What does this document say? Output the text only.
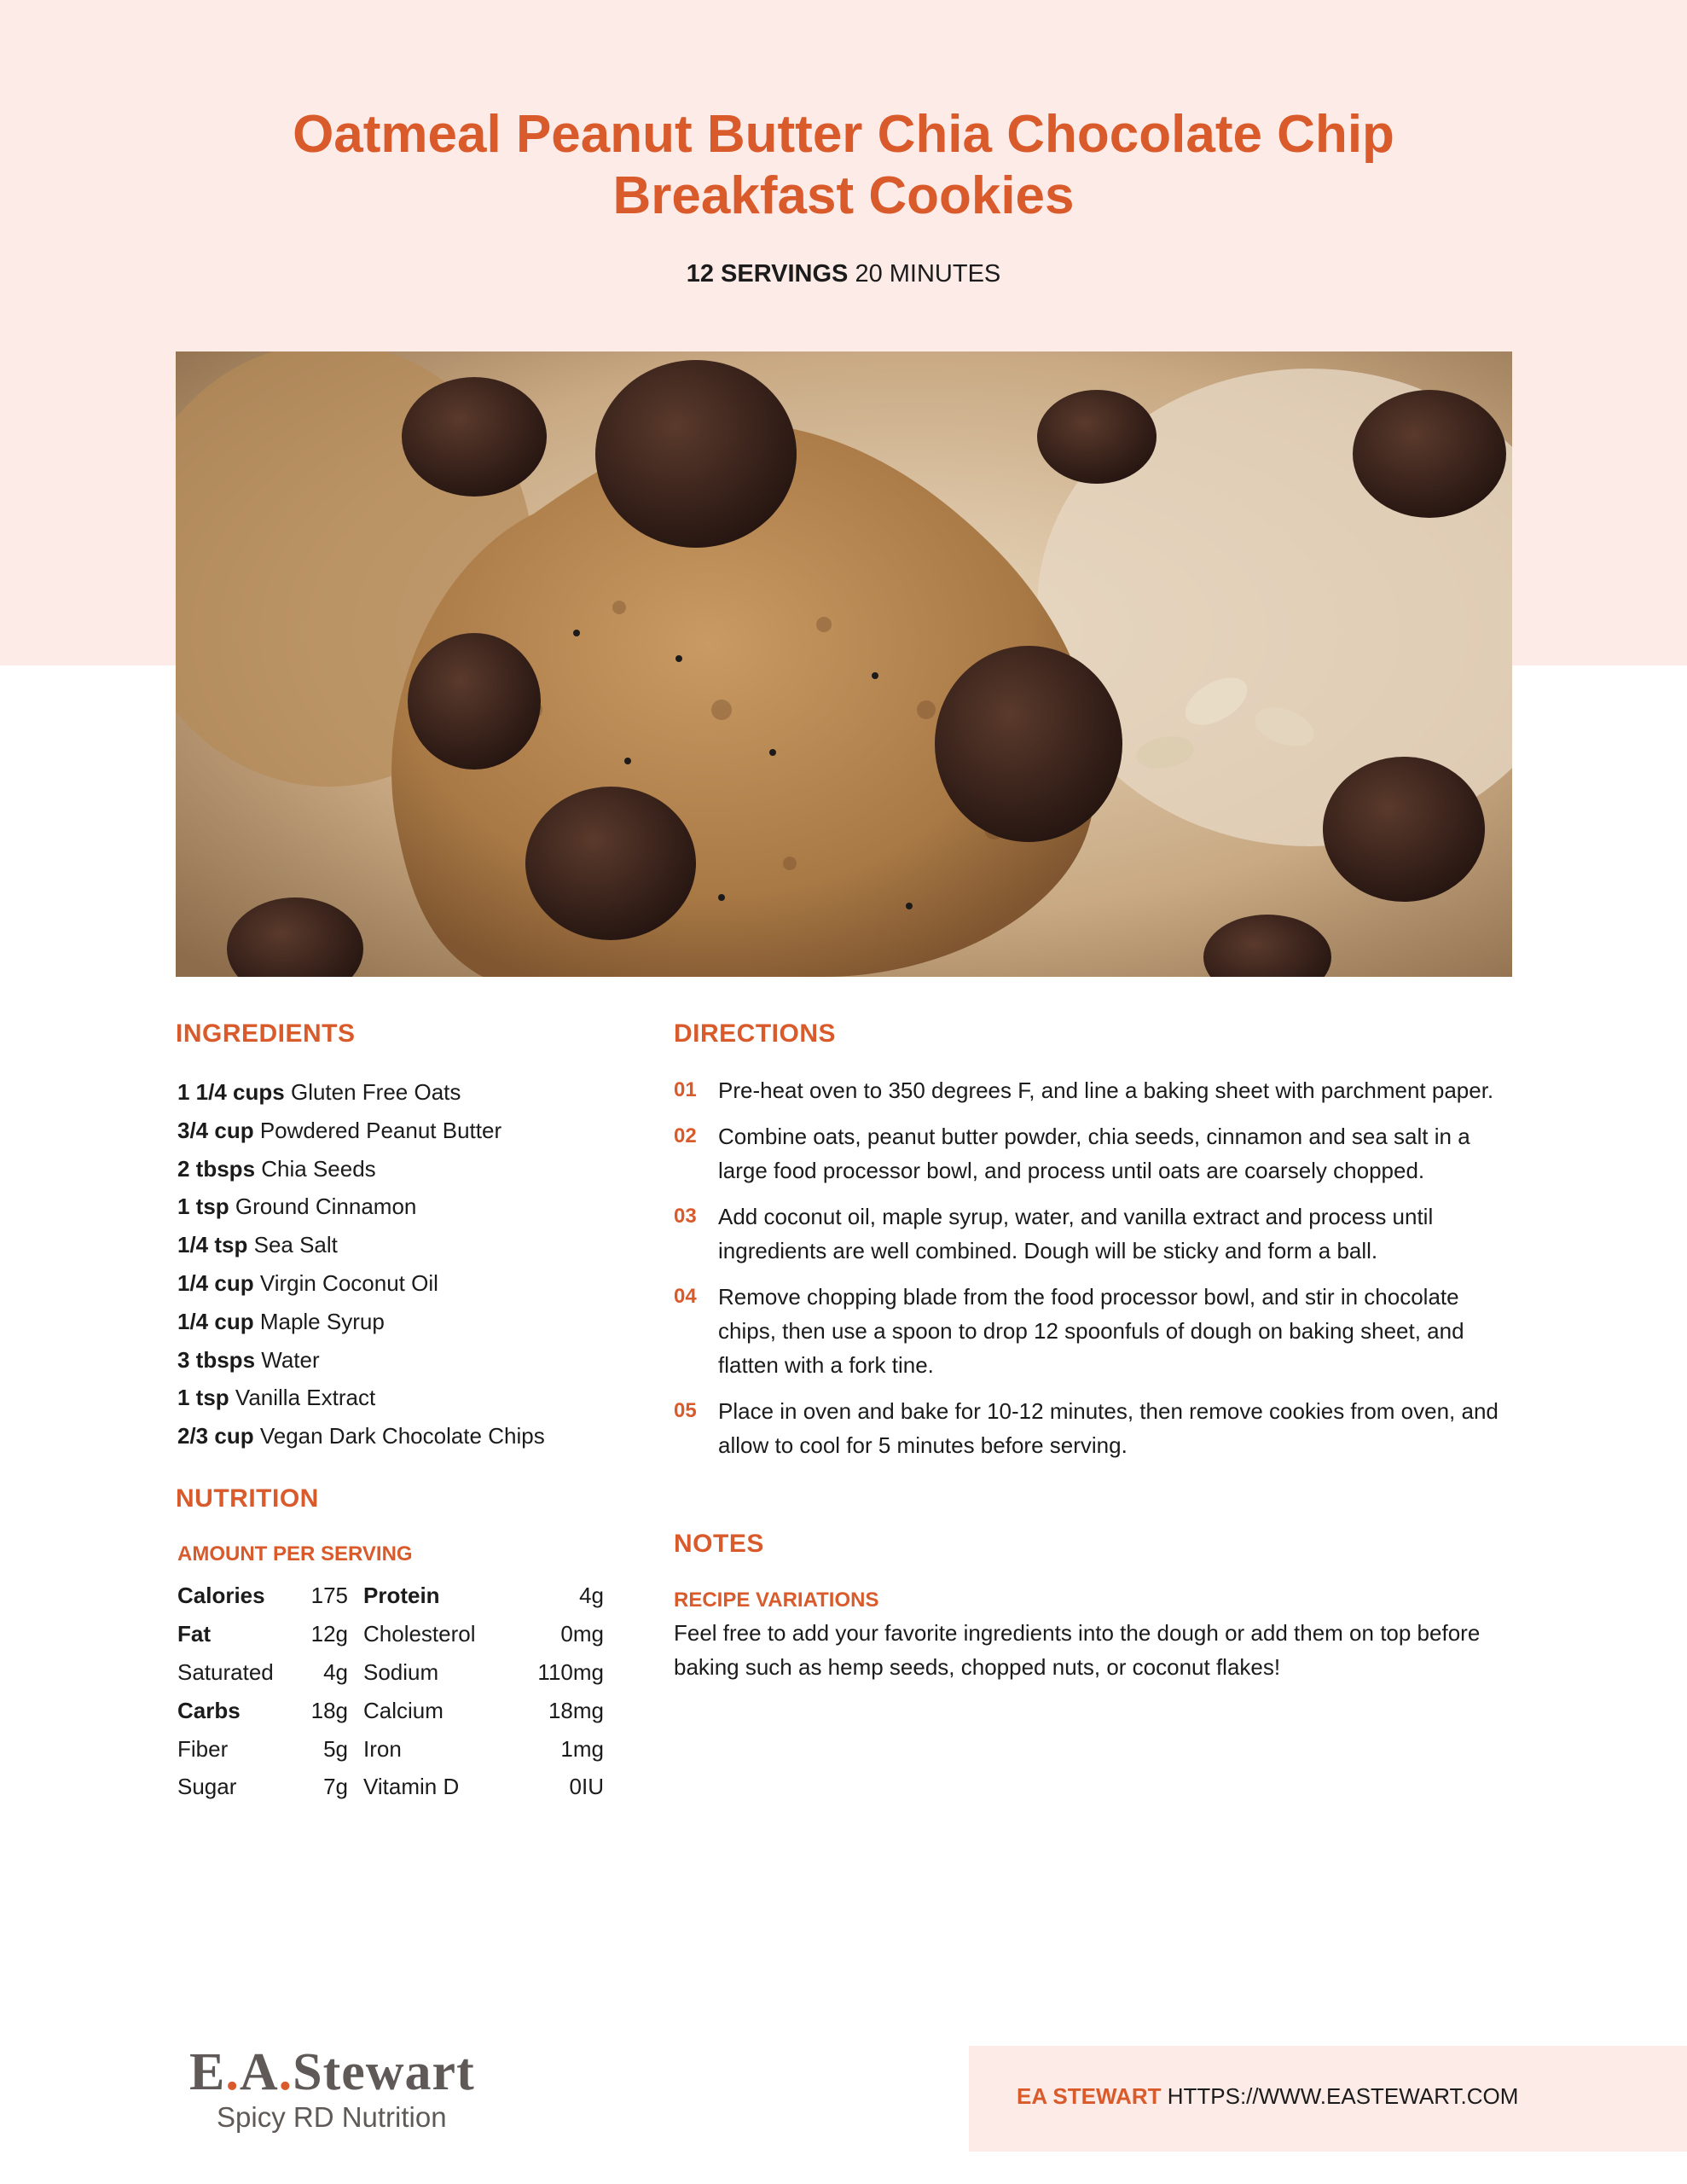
Oatmeal Peanut Butter Chia Chocolate Chip Breakfast Cookies
12 SERVINGS 20 MINUTES
INGREDIENTS
1 1/4 cups Gluten Free Oats
3/4 cup Powdered Peanut Butter
2 tbsps Chia Seeds
1 tsp Ground Cinnamon
1/4 tsp Sea Salt
1/4 cup Virgin Coconut Oil
1/4 cup Maple Syrup
3 tbsps Water
1 tsp Vanilla Extract
2/3 cup Vegan Dark Chocolate Chips
NUTRITION
AMOUNT PER SERVING
Calories	175	Protein	4g
Fat	12g	Cholesterol	0mg
Saturated	4g	Sodium	110mg
Carbs	18g	Calcium	18mg
Fiber	5g	Iron	1mg
Sugar	7g	Vitamin D	0IU
DIRECTIONS
01 Pre-heat oven to 350 degrees F, and line a baking sheet with parchment paper.
02 Combine oats, peanut butter powder, chia seeds, cinnamon and sea salt in a large food processor bowl, and process until oats are coarsely chopped.
03 Add coconut oil, maple syrup, water, and vanilla extract and process until ingredients are well combined. Dough will be sticky and form a ball.
04 Remove chopping blade from the food processor bowl, and stir in chocolate chips, then use a spoon to drop 12 spoonfuls of dough on baking sheet, and flatten with a fork tine.
05 Place in oven and bake for 10-12 minutes, then remove cookies from oven, and allow to cool for 5 minutes before serving.
NOTES
RECIPE VARIATIONS
Feel free to add your favorite ingredients into the dough or add them on top before baking such as hemp seeds, chopped nuts, or coconut flakes!
E.A.Stewart
Spicy RD Nutrition
EA STEWART HTTPS://WWW.EASTEWART.COM
